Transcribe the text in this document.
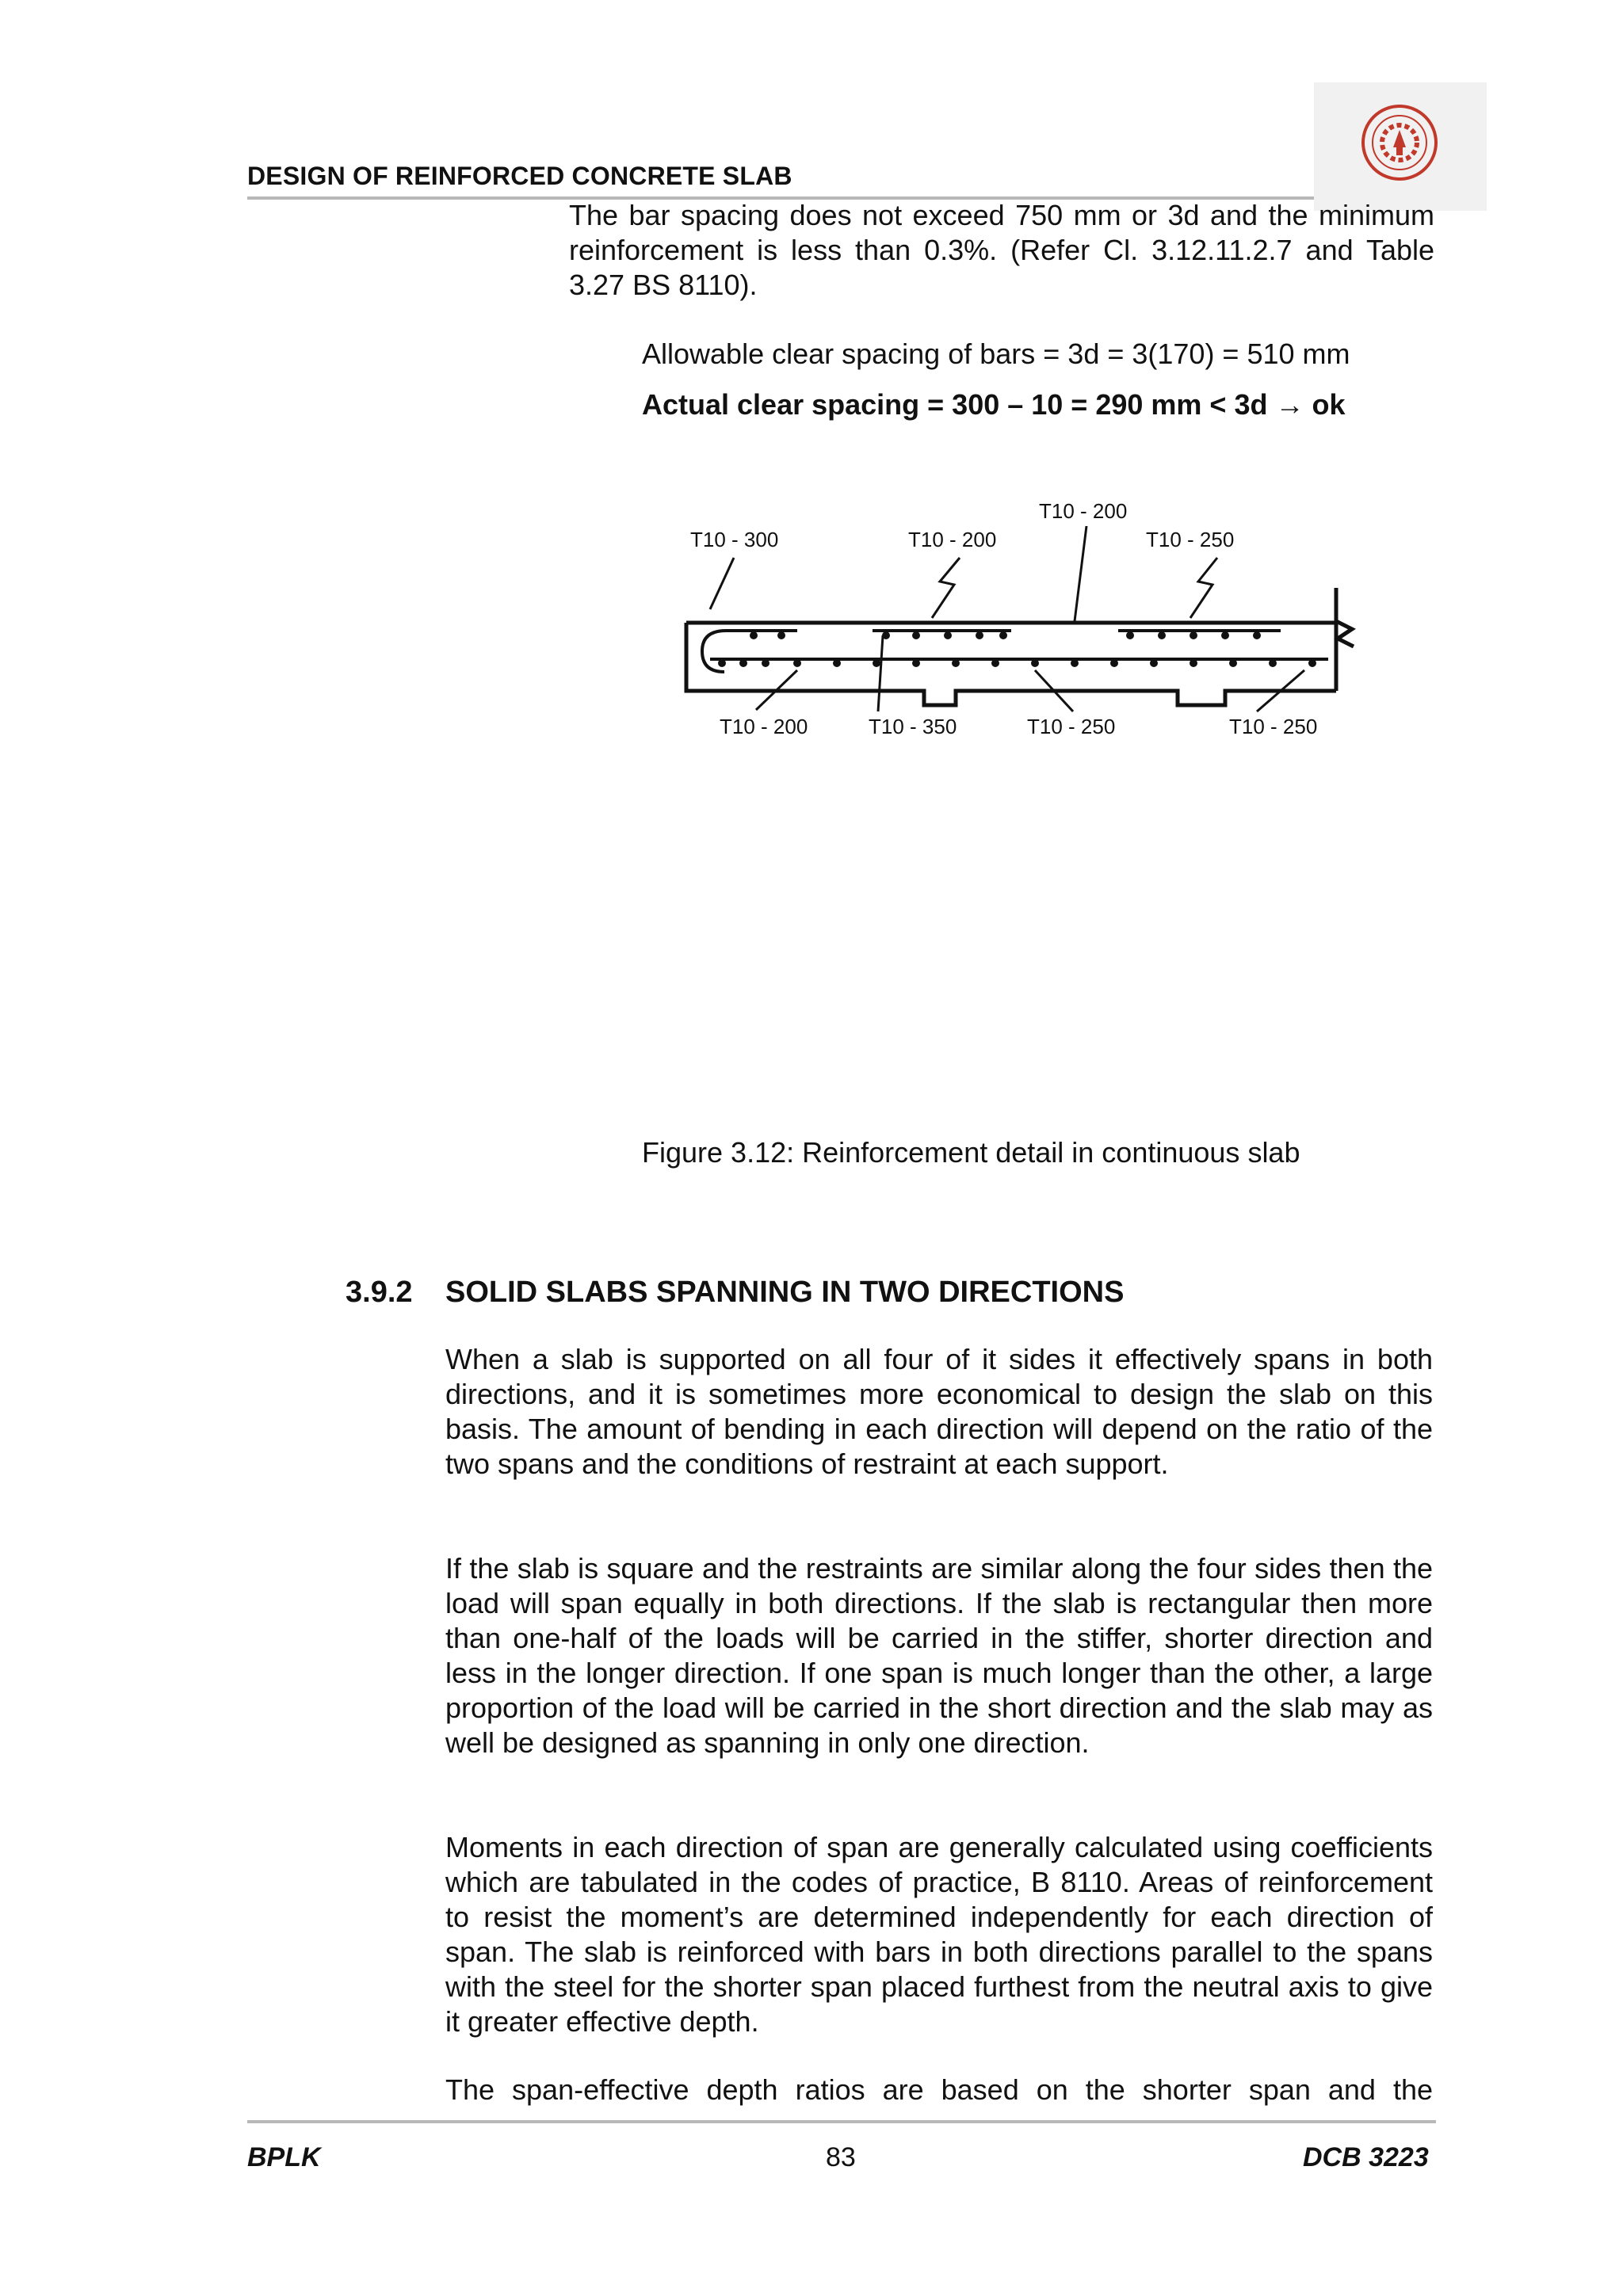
DESIGN OF REINFORCED CONCRETE SLAB
The bar spacing does not exceed 750 mm or 3d and the minimum reinforcement is less than 0.3%. (Refer Cl. 3.12.11.2.7 and Table 3.27 BS 8110).
Allowable clear spacing of bars = 3d = 3(170) = 510 mm
Actual clear spacing = 300 – 10 = 290 mm < 3d → ok
T10 - 300	T10 - 200
T10 - 200
T10 - 250
T10 - 200	T10 - 350	T10 - 250	T10 - 250
Figure 3.12: Reinforcement detail in continuous slab
3.9.2 SOLID SLABS SPANNING IN TWO DIRECTIONS
When a slab is supported on all four of it sides it effectively spans in both directions, and it is sometimes more economical to design the slab on this basis. The amount of bending in each direction will depend on the ratio of the two spans and the conditions of restraint at each support.
If the slab is square and the restraints are similar along the four sides then the load will span equally in both directions. If the slab is rectangular then more than one-half of the loads will be carried in the stiffer, shorter direction and less in the longer direction. If one span is much longer than the other, a large proportion of the load will be carried in the short direction and the slab may as well be designed as spanning in only one direction.
Moments in each direction of span are generally calculated using coefficients which are tabulated in the codes of practice, B 8110. Areas of reinforcement to resist the moment’s are determined independently for each direction of span. The slab is reinforced with bars in both directions parallel to the spans with the steel for the shorter span placed furthest from the neutral axis to give it greater effective depth.
The span-effective depth ratios are based on the shorter span and the
BPLK	83	DCB 3223
